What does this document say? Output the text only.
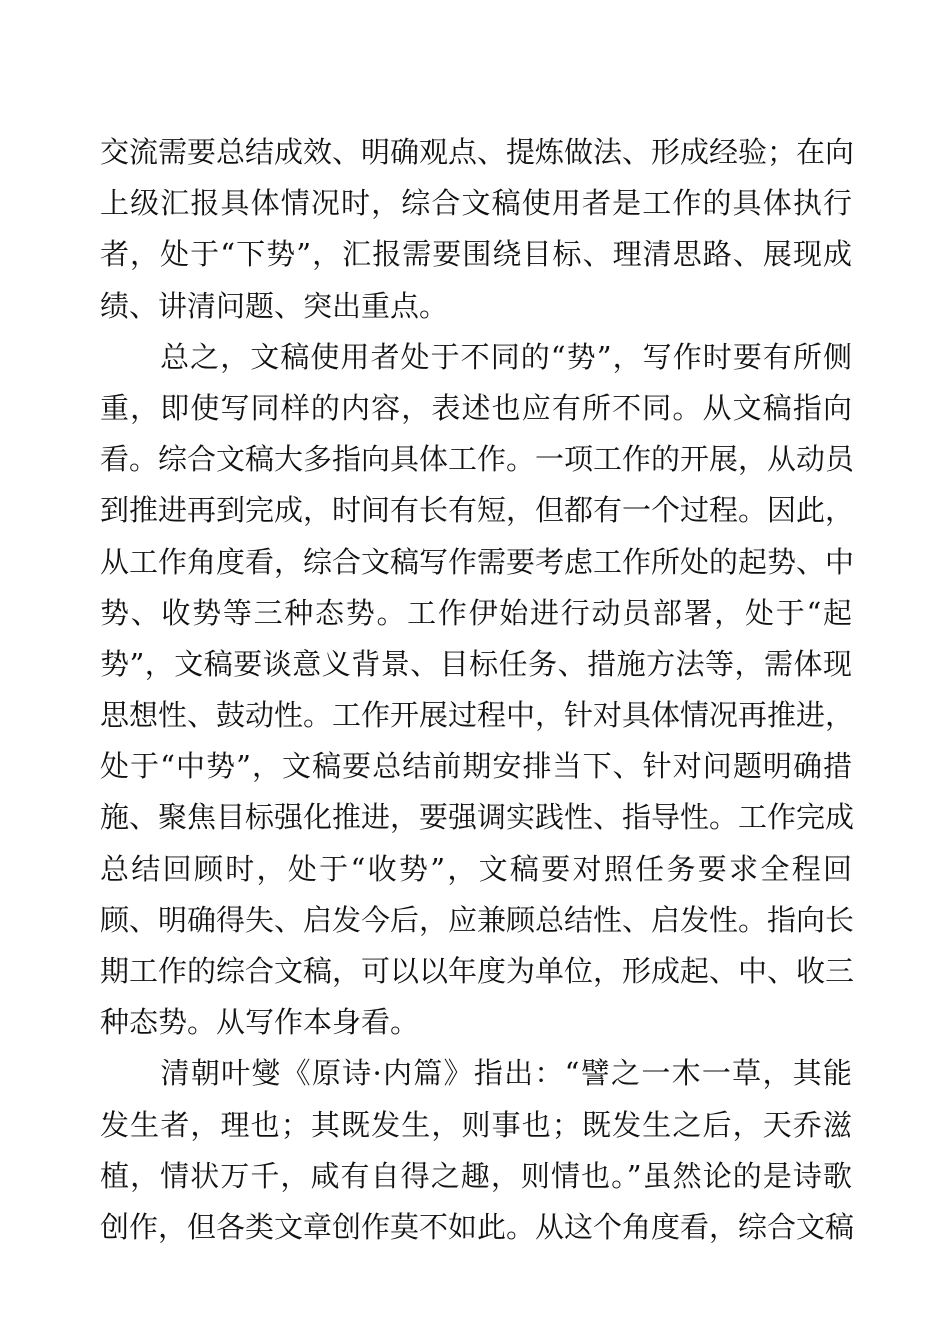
交流需要总结成效、明确观点、提炼做法、形成经验；在向
上级汇报具体情况时，综合文稿使用者是工作的具体执行
者，处于“下势”，汇报需要围绕目标、理清思路、展现成
绩、讲清问题、突出重点。
　　总之，文稿使用者处于不同的“势”，写作时要有所侧
重，即使写同样的内容，表述也应有所不同。从文稿指向
看。综合文稿大多指向具体工作。一项工作的开展，从动员
到推进再到完成，时间有长有短，但都有一个过程。因此，
从工作角度看，综合文稿写作需要考虑工作所处的起势、中
势、收势等三种态势。工作伊始进行动员部署，处于“起
势”，文稿要谈意义背景、目标任务、措施方法等，需体现
思想性、鼓动性。工作开展过程中，针对具体情况再推进，
处于“中势”，文稿要总结前期安排当下、针对问题明确措
施、聚焦目标强化推进，要强调实践性、指导性。工作完成
总结回顾时，处于“收势”，文稿要对照任务要求全程回
顾、明确得失、启发今后，应兼顾总结性、启发性。指向长
期工作的综合文稿，可以以年度为单位，形成起、中、收三
种态势。从写作本身看。
　　清朝叶燮《原诗·内篇》指出：“譬之一木一草，其能
发生者，理也；其既发生，则事也；既发生之后，天乔滋
植，情状万千，咸有自得之趣，则情也。”虽然论的是诗歌
创作，但各类文章创作莫不如此。从这个角度看，综合文稿
